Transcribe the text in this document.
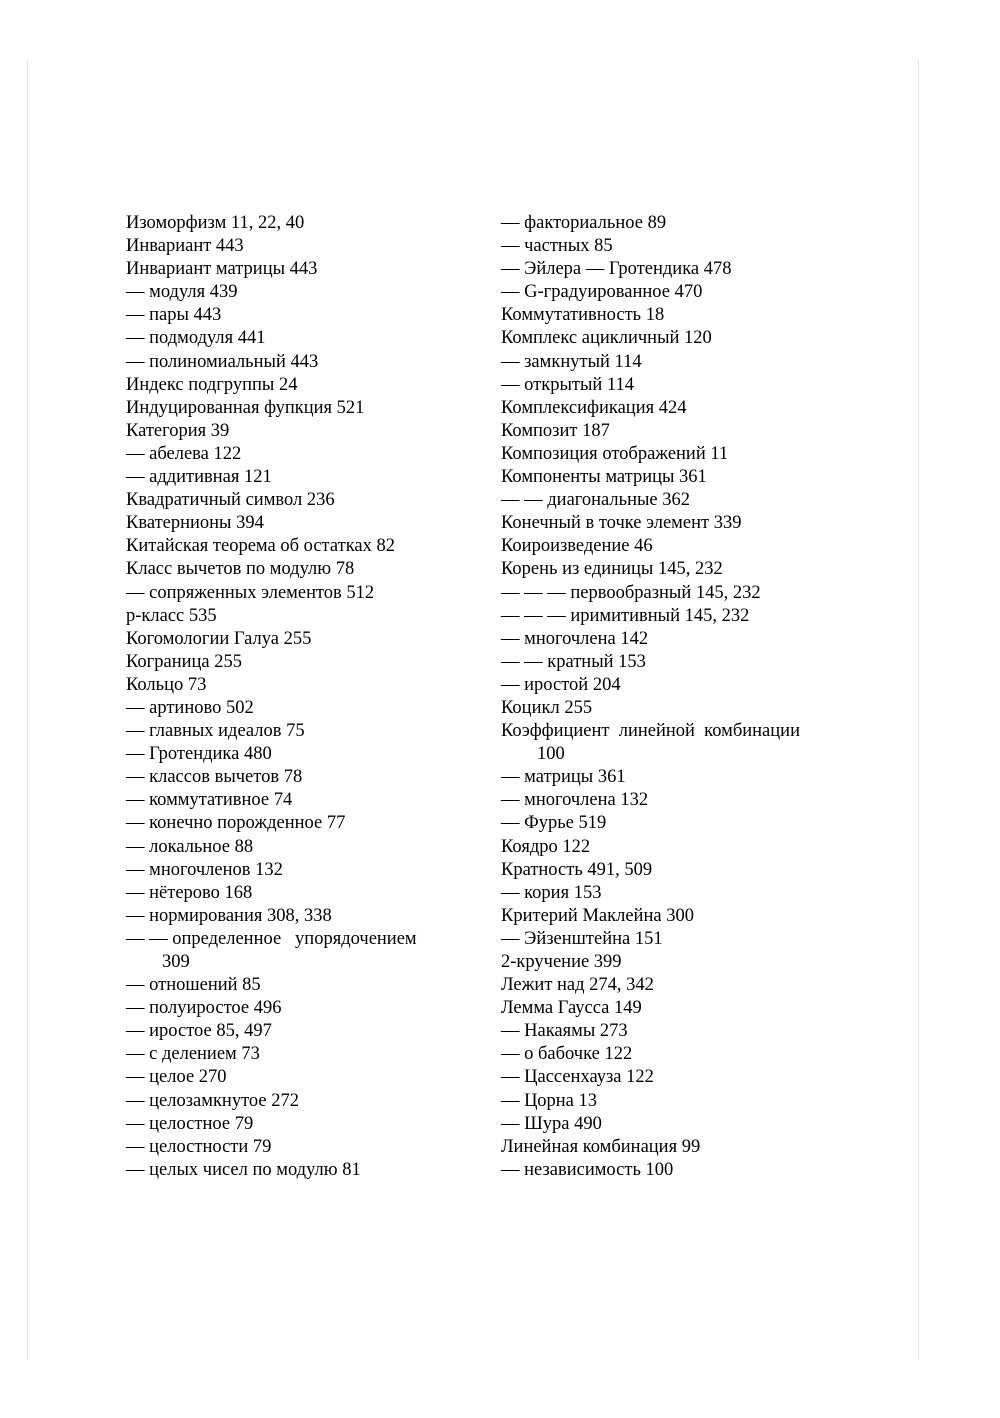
Изоморфизм 11, 22, 40
Инвариант 443
Инвариант матрицы 443
— модуля 439
— пары 443
— подмодуля 441
— полиномиальный 443
Индекс подгруппы 24
Индуцированная фупкция 521
Категория 39
— абелева 122
— аддитивная 121
Квадратичный символ 236
Кватернионы 394
Китайская теорема об остатках 82
Класс вычетов по модулю 78
— сопряженных элементов 512
p-класс 535
Когомологии Галуа 255
Кограница 255
Кольцо 73
— артиново 502
— главных идеалов 75
— Гротендика 480
— классов вычетов 78
— коммутативное 74
— конечно порожденное 77
— локальное 88
— многочленов 132
— нётерово 168
— нормирования 308, 338
— — определенное   упорядочением
309
— отношений 85
— полуиростое 496
— иростое 85, 497
— с делением 73
— целое 270
— целозамкнутое 272
— целостное 79
— целостности 79
— целых чисел по модулю 81
— факториальное 89
— частных 85
— Эйлера — Гротендика 478
— G-градуированное 470
Коммутативность 18
Комплекс ацикличный 120
— замкнутый 114
— открытый 114
Комплексификация 424
Композит 187
Композиция отображений 11
Компоненты матрицы 361
— — диагональные 362
Конечный в точке элемент 339
Коироизведение 46
Корень из единицы 145, 232
— — — первообразный 145, 232
— — — иримитивный 145, 232
— многочлена 142
— — кратный 153
— иростой 204
Коцикл 255
Коэффициент  линейной  комбинации
100
— матрицы 361
— многочлена 132
— Фурье 519
Коядро 122
Кратность 491, 509
— кория 153
Критерий Маклейна 300
— Эйзенштейна 151
2-кручение 399
Лежит над 274, 342
Лемма Гаусса 149
— Накаямы 273
— о бабочке 122
— Цассенхауза 122
— Цорна 13
— Шура 490
Линейная комбинация 99
— независимость 100
